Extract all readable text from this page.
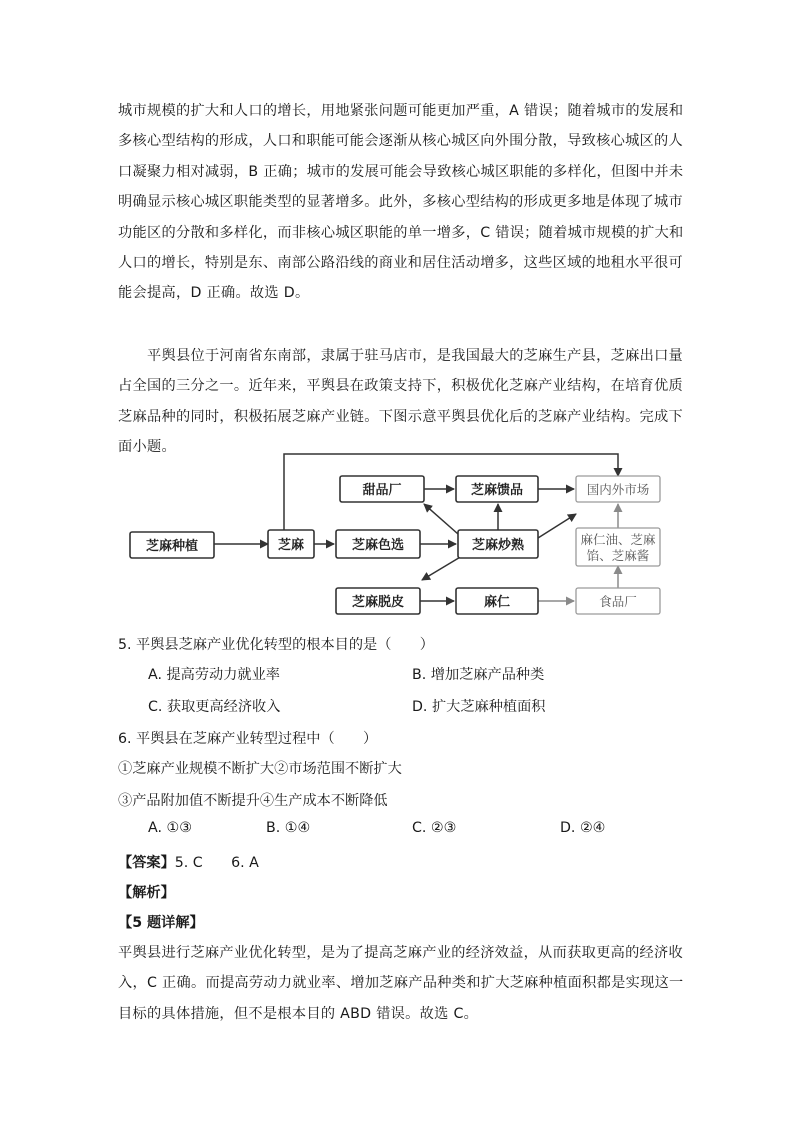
城市规模的扩大和人口的增长，用地紧张问题可能更加严重，A 错误；随着城市的发展和
多核心型结构的形成，人口和职能可能会逐渐从核心城区向外围分散，导致核心城区的人
口凝聚力相对减弱，B 正确；城市的发展可能会导致核心城区职能的多样化，但图中并未
明确显示核心城区职能类型的显著增多。此外，多核心型结构的形成更多地是体现了城市
功能区的分散和多样化，而非核心城区职能的单一增多，C 错误；随着城市规模的扩大和
人口的增长，特别是东、南部公路沿线的商业和居住活动增多，这些区域的地租水平很可
能会提高，D 正确。故选 D。
平舆县位于河南省东南部，隶属于驻马店市，是我国最大的芝麻生产县，芝麻出口量
占全国的三分之一。近年来，平舆县在政策支持下，积极优化芝麻产业结构，在培育优质
芝麻品种的同时，积极拓展芝麻产业链。下图示意平舆县优化后的芝麻产业结构。完成下
面小题。
芝麻种植	芝麻	芝麻色选	芝麻炒熟
甜品厂	芝麻馈品	国内外市场
麻仁油、芝麻
馅、芝麻酱
芝麻脱皮	麻仁	食品厂

5. 平舆县芝麻产业优化转型的根本目的是（　　）

A. 提高劳动力就业率	B. 增加芝麻产品种类

C. 获取更高经济收入	D. 扩大芝麻种植面积

6. 平舆县在芝麻产业转型过程中（　　）

①芝麻产业规模不断扩大②市场范围不断扩大

③产品附加值不断提升④生产成本不断降低

A. ①③	B. ①④	C. ②③	D. ②④

【答案】5. C　　6. A

【解析】

【5 题详解】

平舆县进行芝麻产业优化转型，是为了提高芝麻产业的经济效益，从而获取更高的经济收
入，C 正确。而提高劳动力就业率、增加芝麻产品种类和扩大芝麻种植面积都是实现这一
目标的具体措施，但不是根本目的 ABD 错误。故选 C。
